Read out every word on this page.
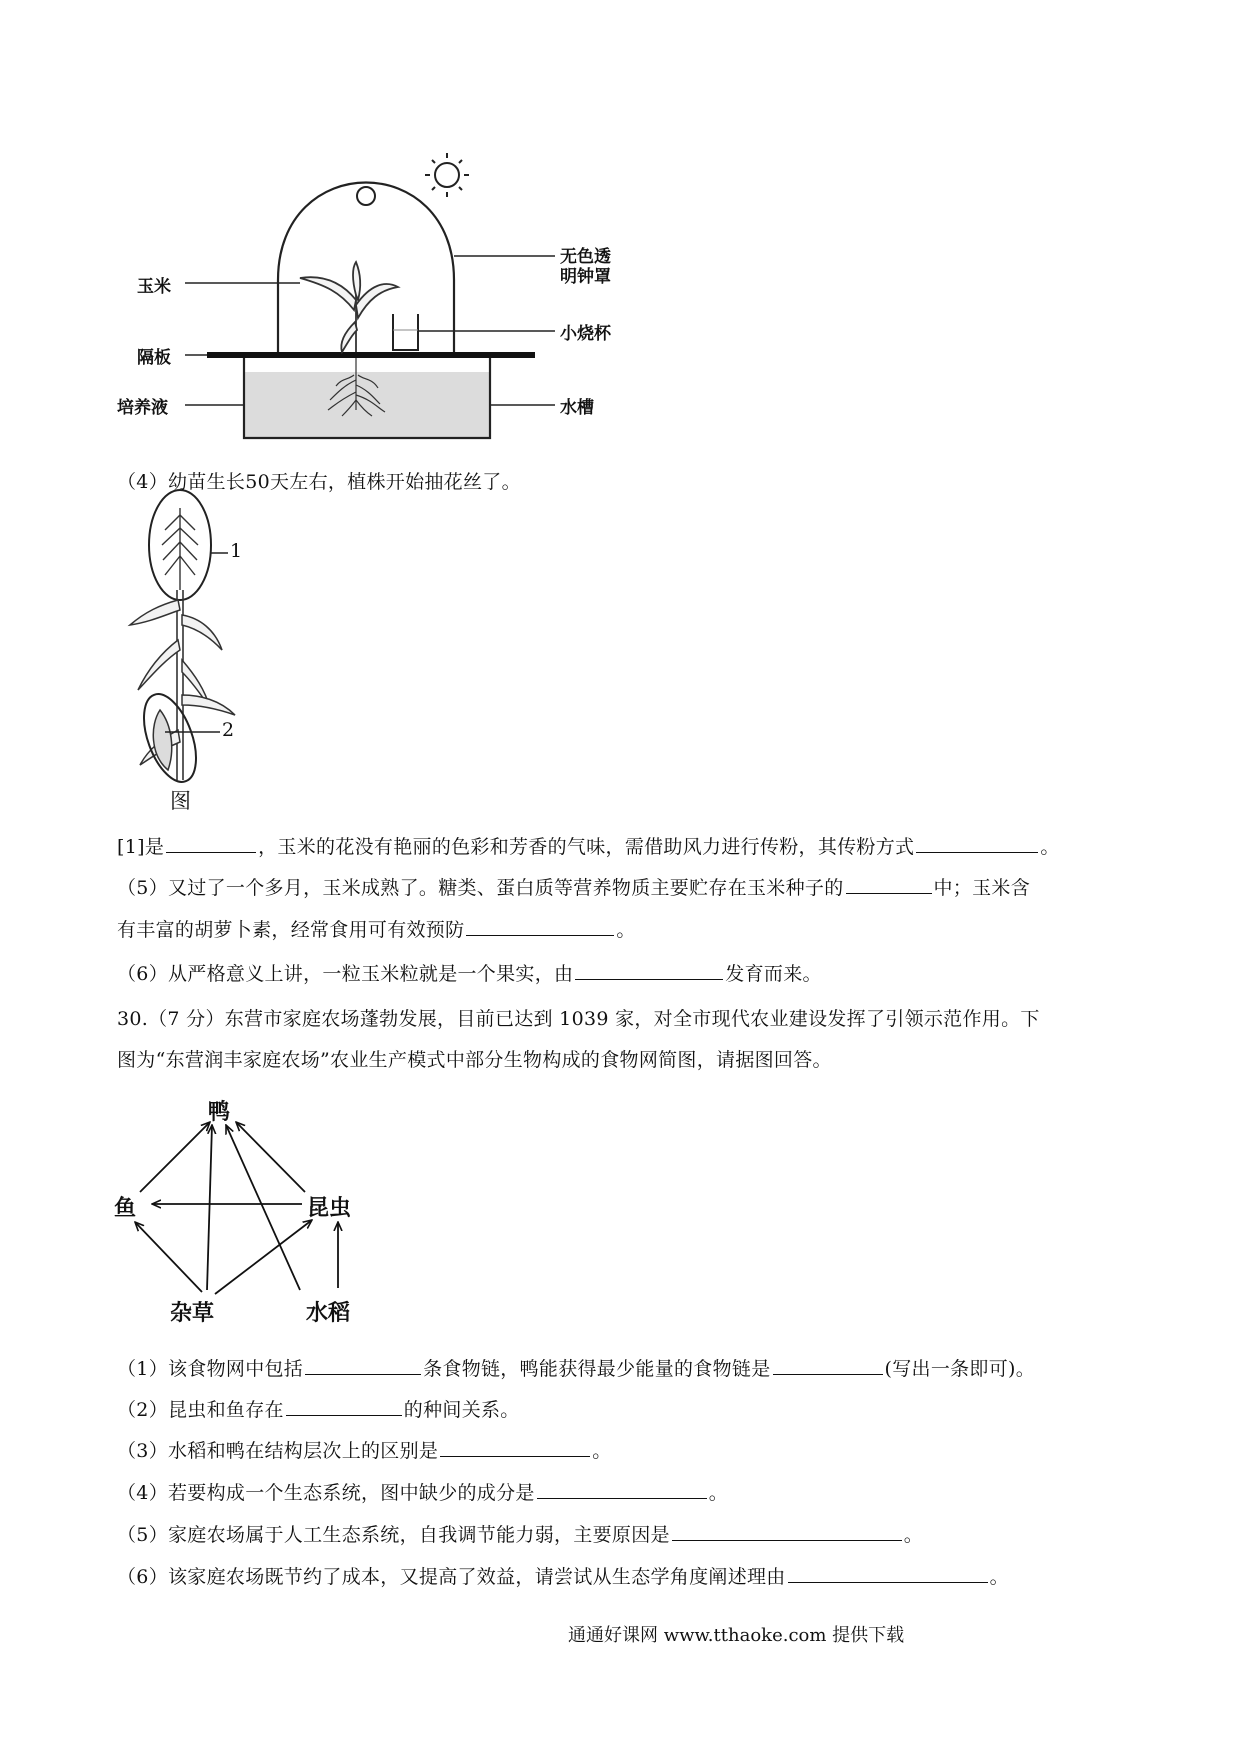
玉米
隔板
培养液
无色透
明钟罩
小烧杯
水槽
（4）幼苗生长50天左右，植株开始抽花丝了。
1
2
图
[1]是	，玉米的花没有艳丽的色彩和芳香的气味，需借助风力进行传粉，其传粉方式	。
（5）又过了一个多月，玉米成熟了。糖类、蛋白质等营养物质主要贮存在玉米种子的	中；玉米含
有丰富的胡萝卜素，经常食用可有效预防	。
（6）从严格意义上讲，一粒玉米粒就是一个果实，由	发育而来。
30.（7 分）东营市家庭农场蓬勃发展，目前已达到 1039 家，对全市现代农业建设发挥了引领示范作用。下
图为“东营润丰家庭农场”农业生产模式中部分生物构成的食物网简图，请据图回答。
鸭
鱼	昆虫
杂草	水稻
（1）该食物网中包括	条食物链，鸭能获得最少能量的食物链是	(写出一条即可)。
（2）昆虫和鱼存在	的种间关系。
（3）水稻和鸭在结构层次上的区别是	。
（4）若要构成一个生态系统，图中缺少的成分是	。
（5）家庭农场属于人工生态系统，自我调节能力弱，主要原因是	。
（6）该家庭农场既节约了成本，又提高了效益，请尝试从生态学角度阐述理由	。
通通好课网 www.tthaoke.com 提供下载
